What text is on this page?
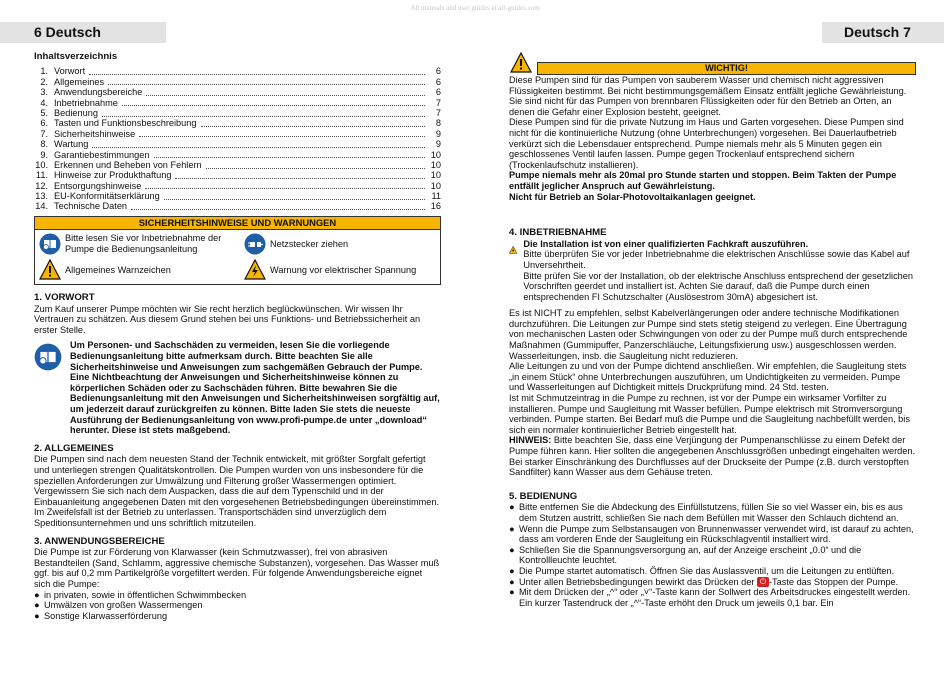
All manuals and user guides at all-guides.com
6 Deutsch	Deutsch 7

Inhaltsverzeichnis

1. Vorwort	6
2. Allgemeines	6
3. Anwendungsbereiche	6
4. Inbetriebnahme	7
5. Bedienung	7
6. Tasten und Funktionsbeschreibung	8
7. Sicherheitshinweise	9
8. Wartung	9
9. Garantiebestimmungen	10
10. Erkennen und Beheben von Fehlern	10
11. Hinweise zur Produkthaftung	10
12. Entsorgungshinweise	10
13. EU-Konformitätserklärung	11
14. Technische Daten	16
SICHERHEITSHINWEISE UND WARNUNGEN
Bitte lesen Sie vor Inbetriebnahme der Pumpe die Bedienungsanleitung
Netzstecker ziehen
Allgemeines Warnzeichen	Warnung vor elektrischer Spannung

1. VORWORT

Zum Kauf unserer Pumpe möchten wir Sie recht herzlich beglückwünschen. Wir wissen Ihr Vertrauen zu schätzen. Aus diesem Grund stehen bei uns Funktions- und Betriebssicherheit an erster Stelle.

Um Personen- und Sachschäden zu vermeiden, lesen Sie die vorliegende Bedienungsanleitung bitte aufmerksam durch. Bitte beachten Sie alle Sicherheitshinweise und Anweisungen zum sachgemäßen Gebrauch der Pumpe. Eine Nichtbeachtung der Anweisungen und Sicherheitshinweise können zu körperlichen Schäden oder zu Sachschäden führen. Bitte bewahren Sie die Bedienungsanleitung mit den Anweisungen und Sicherheitshinweisen sorgfältig auf, um jederzeit darauf zurückgreifen zu können. Bitte laden Sie stets die neueste Ausführung der Bedienungsanleitung von www.profi-pumpe.de unter „download“ herunter. Diese ist stets maßgebend.

2. ALLGEMEINES

Die Pumpen sind nach dem neuesten Stand der Technik entwickelt, mit größter Sorgfalt gefertigt und unterliegen strengen Qualitätskontrollen. Die Pumpen wurden von uns insbesondere für die speziellen Anforderungen zur Umwälzung und Filterung großer Wassermengen optimiert. Vergewissern Sie sich nach dem Auspacken, dass die auf dem Typenschild und in der Einbauanleitung angegebenen Daten mit den vorgesehenen Betriebsbedingungen übereinstimmen. Im Zweifelsfall ist der Betrieb zu unterlassen. Transportschäden sind unverzüglich dem Speditionsunternehmen und uns schriftlich mitzuteilen.

3. ANWENDUNGSBEREICHE

Die Pumpe ist zur Förderung von Klarwasser (kein Schmutzwasser), frei von abrasiven Bestandteilen (Sand, Schlamm, aggressive chemische Substanzen), vorgesehen. Das Wasser muß ggf. bis auf 0,2 mm Partikelgröße vorgefiltert werden. Für folgende Anwendungsbereiche eignet sich die Pumpe:

● in privaten, sowie in öffentlichen Schwimmbecken
● Umwälzen von großen Wassermengen
● Sonstige Klarwasserförderung
WICHTIG!

Diese Pumpen sind für das Pumpen von sauberem Wasser und chemisch nicht aggressiven Flüssigkeiten bestimmt. Bei nicht bestimmungsgemäßem Einsatz entfällt jegliche Gewährleistung. Sie sind nicht für das Pumpen von brennbaren Flüssigkeiten oder für den Betrieb an Orten, an denen die Gefahr einer Explosion besteht, geeignet.

Diese Pumpen sind für die private Nutzung im Haus und Garten vorgesehen. Diese Pumpen sind nicht für die kontinuierliche Nutzung (ohne Unterbrechungen) vorgesehen. Bei Dauerlaufbetrieb verkürzt sich die Lebensdauer entsprechend. Pumpe niemals mehr als 5 Minuten gegen ein geschlossenes Ventil laufen lassen. Pumpe gegen Trockenlauf entsprechend sichern (Trockenlaufschutz installieren).

Pumpe niemals mehr als 20mal pro Stunde starten und stoppen. Beim Takten der Pumpe entfällt jeglicher Anspruch auf Gewährleistung.

Nicht für Betrieb an Solar-Photovoltaikanlagen geeignet.

4. INBETRIEBNAHME

Die Installation ist von einer qualifizierten Fachkraft auszuführen.

Bitte überprüfen Sie vor jeder Inbetriebnahme die elektrischen Anschlüsse sowie das Kabel auf Unversehrtheit.

Bitte prüfen Sie vor der Installation, ob der elektrische Anschluss entsprechend der gesetzlichen Vorschriften geerdet und installiert ist. Achten Sie darauf, daß die Pumpe durch einen entsprechenden FI Schutzschalter (Auslösestrom 30mA) abgesichert ist.

Es ist NICHT zu empfehlen, selbst Kabelverlängerungen oder andere technische Modifikationen durchzuführen. Die Leitungen zur Pumpe sind stets stetig steigend zu verlegen. Eine Übertragung von mechanischen Lasten oder Schwingungen von oder zu der Pumpe muß durch entsprechende Maßnahmen (Gummipuffer, Panzerschläuche, Leitungsfixierung usw.) ausgeschlossen werden. Wasserleitungen, insb. die Saugleitung nicht reduzieren.

Alle Leitungen zu und von der Pumpe dichtend anschließen. Wir empfehlen, die Saugleitung stets „in einem Stück“ ohne Unterbrechungen auszuführen, um Undichtigkeiten zu vermeiden. Pumpe und Wasserleitungen auf Dichtigkeit mittels Druckprüfung mind. 24 Std. testen.

Ist mit Schmutzeintrag in die Pumpe zu rechnen, ist vor der Pumpe ein wirksamer Vorfilter zu installieren. Pumpe und Saugleitung mit Wasser befüllen. Pumpe elektrisch mit Stromversorgung verbinden. Pumpe starten. Bei Bedarf muß die Pumpe und die Saugleitung nachbefüllt werden, bis sich ein normaler kontinuierlicher Betrieb eingestellt hat.

HINWEIS: Bitte beachten Sie, dass eine Verjüngung der Pumpenanschlüsse zu einem Defekt der Pumpe führen kann. Hier sollten die angegebenen Anschlussgrößen unbedingt eingehalten werden. Bei starker Einschränkung des Durchflusses auf der Druckseite der Pumpe (z.B. durch verstopften Sandfilter) kann Wasser aus dem Gehäuse treten.

5. BEDIENUNG

● Bitte entfernen Sie die Abdeckung des Einfüllstutzens, füllen Sie so viel Wasser ein, bis es aus dem Stutzen austritt, schließen Sie nach dem Befüllen mit Wasser den Schlauch dichtend an.
● Wenn die Pumpe zum Selbstansaugen von Brunnenwasser verwendet wird, ist darauf zu achten, dass am vorderen Ende der Saugleitung ein Rückschlagventil installiert wird.
● Schließen Sie die Spannungsversorgung an, auf der Anzeige erscheint „0.0“ und die Kontrollleuchte leuchtet.
● Die Pumpe startet automatisch. Öffnen Sie das Auslassventil, um die Leitungen zu entlüften.
● Unter allen Betriebsbedingungen bewirkt das Drücken der ⏻ -Taste das Stoppen der Pumpe.
● Mit dem Drücken der „^“ oder „˅“-Taste kann der Sollwert des Arbeitsdruckes eingestellt werden. Ein kurzer Tastendruck der „^“-Taste erhöht den Druck um jeweils 0,1 bar. Ein
